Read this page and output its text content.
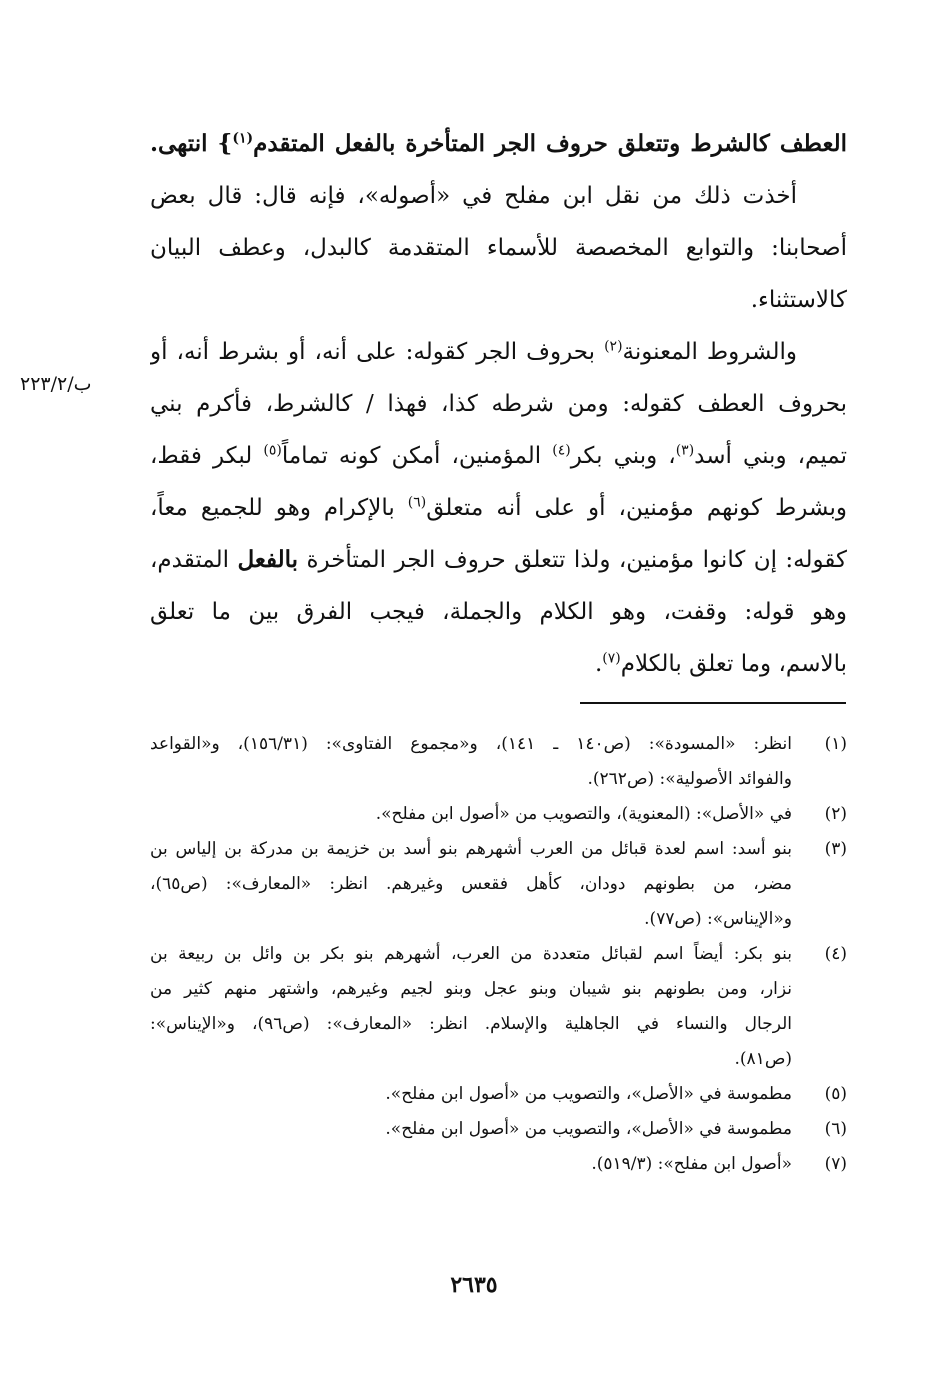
العطف كالشرط وتتعلق حروف الجر المتأخرة بالفعل المتقدم$^{(١)}$} انتهى.
أخذت ذلك من نقل ابن مفلح في «أصوله»، فإنه قال: قال بعض
أصحابنا: والتوابع المخصصة للأسماء المتقدمة كالبدل، وعطف البيان
كالاستثناء.
والشروط المعنونة$^{(٢)}$ بحروف الجر كقوله: على أنه، أو بشرط أنه، أو
بحروف العطف كقوله: ومن شرطه كذا، فهذا / كالشرط، فأكرم بني
تميم، وبني أسد$^{(٣)}$، وبني بكر$^{(٤)}$ المؤمنين، أمكن كونه تماماً$^{(٥)}$ لبكر فقط،
وبشرط كونهم مؤمنين، أو على أنه متعلق$^{(٦)}$ بالإكرام وهو للجميع معاً،
كقوله: إن كانوا مؤمنين، ولذا تتعلق حروف الجر المتأخرة بالفعل المتقدم،
وهو قوله: وقفت، وهو الكلام والجملة، فيجب الفرق بين ما تعلق
بالاسم، وما تعلق بالكلام$^{(٧)}$.
ب/٢٢٣/٢
(١)
انظر: «المسودة»: (ص١٤٠ ـ ١٤١)، و«مجموع الفتاوى»: (١٥٦/٣١)، و«القواعد
والفوائد الأصولية»: (ص٢٦٢).
(٢)
في «الأصل»: (المعنوية)، والتصويب من «أصول ابن مفلح».
(٣)
بنو أسد: اسم لعدة قبائل من العرب أشهرهم بنو أسد بن خزيمة بن مدركة بن إلياس بن
مضر، من بطونهم دودان، كأهل فقعس وغيرهم. انظر: «المعارف»: (ص٦٥)،
و«الإيناس»: (ص٧٧).
(٤)
بنو بكر: أيضاً اسم لقبائل متعددة من العرب، أشهرهم بنو بكر بن وائل بن ربيعة بن
نزار، ومن بطونهم بنو شيبان وبنو عجل وبنو لجيم وغيرهم، واشتهر منهم كثير من
الرجال والنساء في الجاهلية والإسلام. انظر: «المعارف»: (ص٩٦)، و«الإيناس»:
(ص٨١).
(٥)
مطموسة في «الأصل»، والتصويب من «أصول ابن مفلح».
(٦)
مطموسة في «الأصل»، والتصويب من «أصول ابن مفلح».
(٧)
«أصول ابن مفلح»: (٥١٩/٣).
٢٦٣٥
